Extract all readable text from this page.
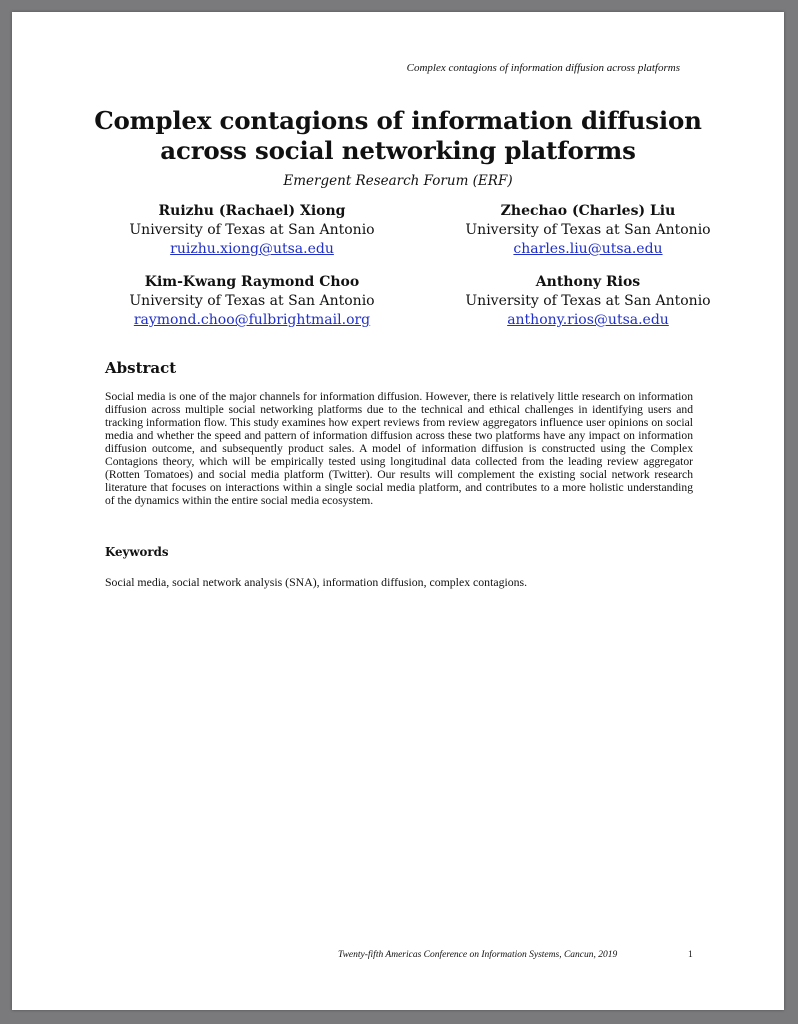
Complex contagions of information diffusion across platforms
Complex contagions of information diffusion
across social networking platforms
Emergent Research Forum (ERF)
Ruizhu (Rachael) Xiong
University of Texas at San Antonio
ruizhu.xiong@utsa.edu
Zhechao (Charles) Liu
University of Texas at San Antonio
charles.liu@utsa.edu
Kim-Kwang Raymond Choo
University of Texas at San Antonio
raymond.choo@fulbrightmail.org
Anthony Rios
University of Texas at San Antonio
anthony.rios@utsa.edu
Abstract

Social media is one of the major channels for information diffusion. However, there is relatively little research on information diffusion across multiple social networking platforms due to the technical and ethical challenges in identifying users and tracking information flow. This study examines how expert reviews from review aggregators influence user opinions on social media and whether the speed and pattern of information diffusion across these two platforms have any impact on information diffusion outcome, and subsequently product sales. A model of information diffusion is constructed using the Complex Contagions theory, which will be empirically tested using longitudinal data collected from the leading review aggregator (Rotten Tomatoes) and social media platform (Twitter). Our results will complement the existing social network research literature that focuses on interactions within a single social media platform, and contributes to a more holistic understanding of the dynamics within the entire social media ecosystem.

Keywords
Social media, social network analysis (SNA), information diffusion, complex contagions.
Twenty-fifth Americas Conference on Information Systems, Cancun, 2019	1
